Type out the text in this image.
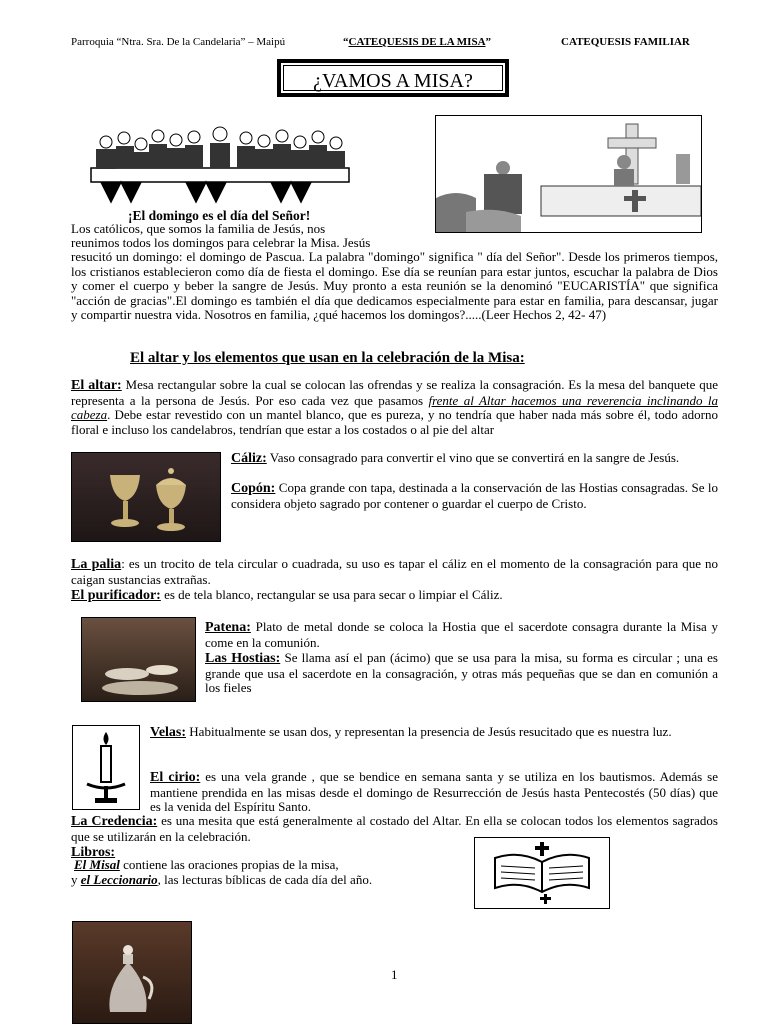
Parroquia “Ntra. Sra. De la Candelaria” – Maipú	“CATEQUESIS DE LA MISA”	CATEQUESIS FAMILIAR
¿VAMOS A MISA?
¡El domingo es el día del Señor!
Los católicos, que somos la familia de Jesús, nos
reunimos todos los domingos para celebrar la Misa. Jesús
resucitó un domingo: el domingo de Pascua. La palabra "domingo" significa " día del Señor". Desde los primeros tiempos, los cristianos establecieron como día de fiesta el domingo. Ese día se reunían para estar juntos, escuchar la palabra de Dios y comer el cuerpo y beber la sangre de Jesús. Muy pronto a esta reunión se la denominó "EUCARISTÍA" que significa "acción de gracias".El domingo es también el día que dedicamos especialmente para estar en familia, para descansar, jugar y compartir nuestra vida. Nosotros en familia, ¿qué hacemos los domingos?.....(Leer Hechos 2, 42- 47)
El altar y los elementos que usan en la celebración de la Misa:
El altar: Mesa rectangular sobre la cual se colocan las ofrendas y se realiza la consagración. Es la mesa del banquete que representa a la persona de Jesús. Por eso cada vez que pasamos frente al Altar hacemos una reverencia inclinando la cabeza. Debe estar revestido con un mantel blanco, que es pureza, y no tendría que haber nada más sobre él, todo adorno floral e incluso los candelabros, tendrían que estar a los costados o al pie del altar
Cáliz: Vaso consagrado para convertir el vino que se convertirá en la sangre de Jesús.
Copón: Copa grande con tapa, destinada a la conservación de las Hostias consagradas. Se lo considera objeto sagrado por contener o guardar el cuerpo de Cristo.
La palia: es un trocito de tela circular o cuadrada, su uso es tapar el cáliz en el momento de la consagración para que no caigan sustancias extrañas.
El purificador: es de tela blanco, rectangular se usa para secar o limpiar el Cáliz.
Patena: Plato de metal donde se coloca la Hostia que el sacerdote consagra durante la Misa y come en la comunión.
Las Hostias: Se llama así el pan (ácimo) que se usa para la misa, su forma es circular ; una es grande que usa el sacerdote en la consagración, y otras más pequeñas que se dan en comunión a los fieles
Velas: Habitualmente se usan dos, y representan la presencia de Jesús resucitado que es nuestra luz.
El cirio: es una vela grande , que se bendice en semana santa y se utiliza en los bautismos. Además se mantiene prendida en las misas desde el domingo de Resurrección de Jesús hasta Pentecostés (50 días) que es la venida del Espíritu Santo.
La Credencia: es una mesita que está generalmente al costado del Altar. En ella se colocan todos los elementos sagrados que se utilizarán en la celebración.
Libros:
El Misal contiene las oraciones propias de la misa,
y el Leccionario, las lecturas bíblicas de cada día del año.
1
